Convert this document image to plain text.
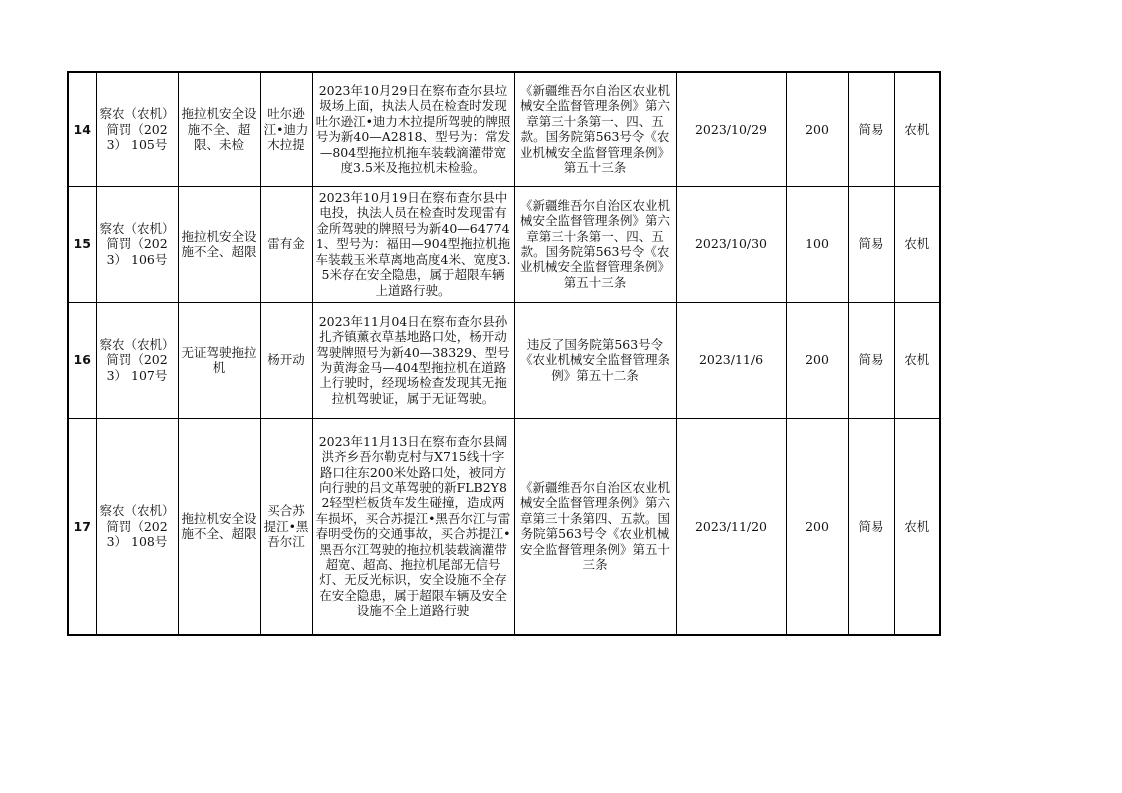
14	察农（农机）简罚（2023） 105号	拖拉机安全设施不全、超限、未检	吐尔逊江•迪力木拉提	2023年10月29日在察布查尔县垃圾场上面，执法人员在检查时发现吐尔逊江•迪力木拉提所驾驶的牌照号为新40—A2818、型号为：常发—804型拖拉机拖车装载滴灌带宽度3.5米及拖拉机未检验。	《新疆维吾尔自治区农业机械安全监督管理条例》第六章第三十条第一、四、五款。国务院第563号令《农业机械安全监督管理条例》第五十三条	2023/10/29	200	简易	农机
15	察农（农机）简罚（2023） 106号	拖拉机安全设施不全、超限	雷有金	2023年10月19日在察布查尔县中电投，执法人员在检查时发现雷有金所驾驶的牌照号为新40—647741、型号为：福田—904型拖拉机拖车装载玉米草离地高度4米、宽度3.5米存在安全隐患，属于超限车辆上道路行驶。	《新疆维吾尔自治区农业机械安全监督管理条例》第六章第三十条第一、四、五款。国务院第563号令《农业机械安全监督管理条例》第五十三条	2023/10/30	100	简易	农机
16	察农（农机）简罚（2023） 107号	无证驾驶拖拉机	杨开动	2023年11月04日在察布查尔县孙扎齐镇薰衣草基地路口处，杨开动驾驶牌照号为新40—38329、型号为黄海金马—404型拖拉机在道路上行驶时，经现场检查发现其无拖拉机驾驶证，属于无证驾驶。	违反了国务院第563号令《农业机械安全监督管理条例》第五十二条	2023/11/6	200	简易	农机
17	察农（农机）简罚（2023） 108号	拖拉机安全设施不全、超限	买合苏提江•黑吾尔江	2023年11月13日在察布查尔县阔洪齐乡吾尔勒克村与X715线十字路口往东200米处路口处，被同方向行驶的吕文革驾驶的新FLB2Y82轻型栏板货车发生碰撞，造成两车损坏，买合苏提江•黑吾尔江与雷春明受伤的交通事故，买合苏提江•黑吾尔江驾驶的拖拉机装载滴灌带超宽、超高、拖拉机尾部无信号灯、无反光标识，安全设施不全存在安全隐患，属于超限车辆及安全设施不全上道路行驶	《新疆维吾尔自治区农业机械安全监督管理条例》第六章第三十条第四、五款。国务院第563号令《农业机械安全监督管理条例》第五十三条	2023/11/20	200	简易	农机
